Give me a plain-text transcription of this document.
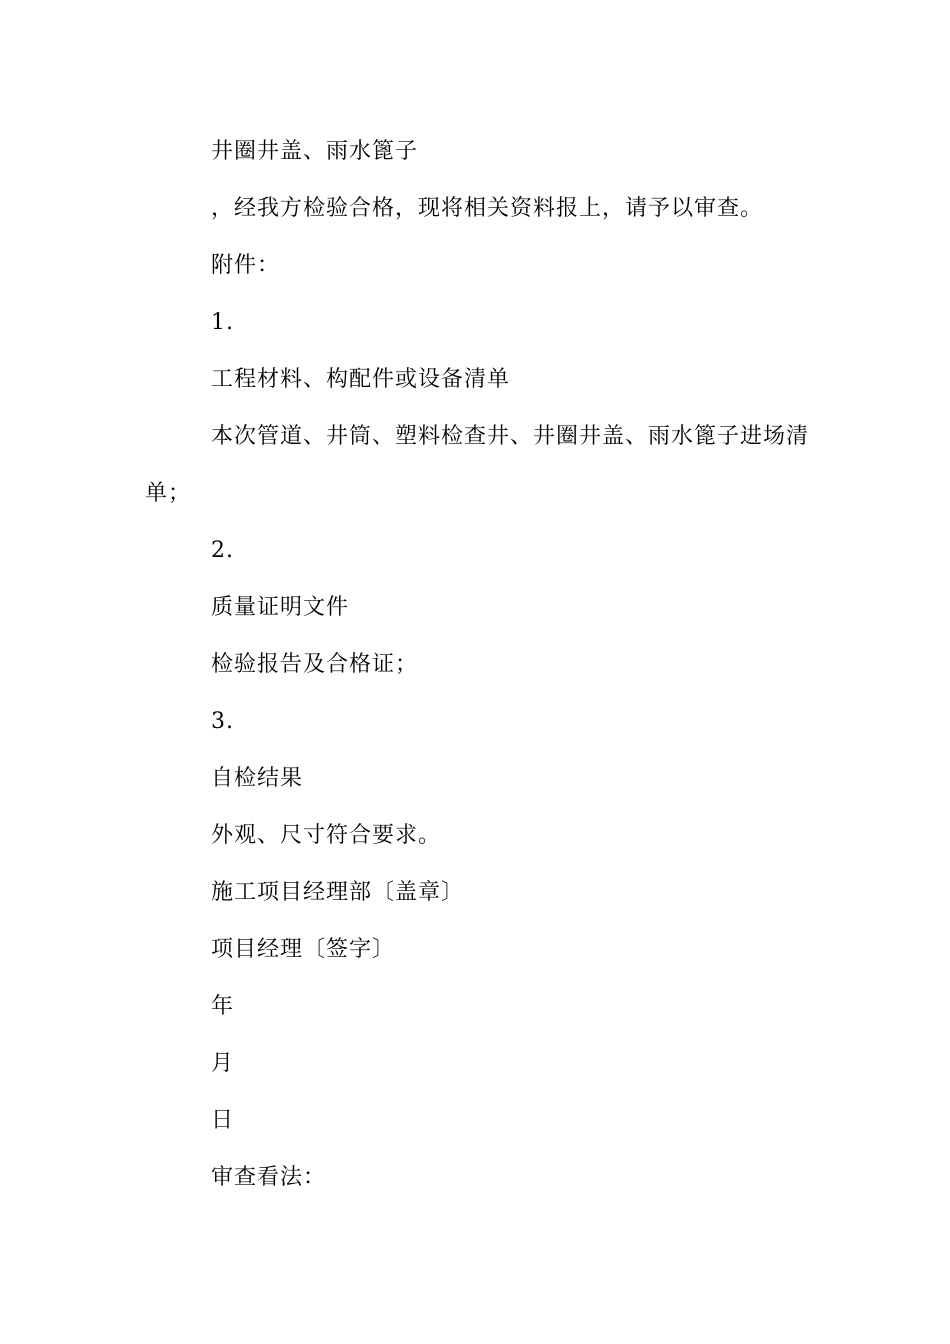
井圈井盖、雨水篦子
，经我方检验合格，现将相关资料报上，请予以审查。
附件：
1.
工程材料、构配件或设备清单
本次管道、井筒、塑料检查井、井圈井盖、雨水篦子进场清
单；
2.
质量证明文件
检验报告及合格证；
3.
自检结果
外观、尺寸符合要求。
施工项目经理部〔盖章〕
项目经理〔签字〕
年
月
日
审查看法：
